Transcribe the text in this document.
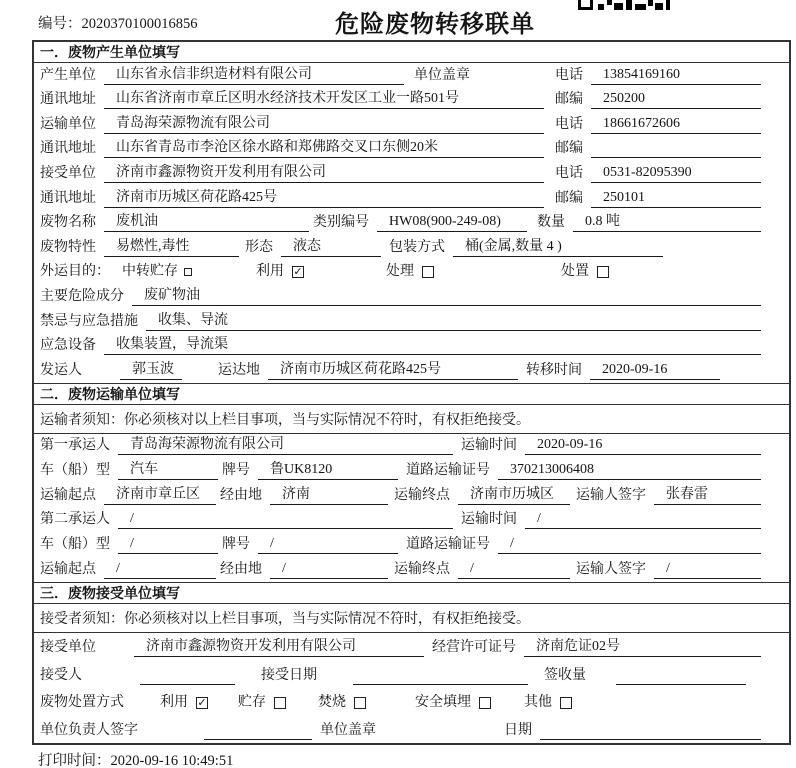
编号：2020370100016856	危险废物转移联单
一．废物产生单位填写
产生单位	山东省永信非织造材料有限公司	单位盖章	电话	13854169160
通讯地址	山东省济南市章丘区明水经济技术开发区工业一路501号	邮编	250200
运输单位	青岛海荣源物流有限公司	电话	18661672606
通讯地址	山东省青岛市李沧区徐水路和郑佛路交叉口东侧20米	邮编
接受单位	济南市鑫源物资开发利用有限公司	电话	0531-82095390
通讯地址	济南市历城区荷花路425号	邮编	250101
废物名称	废机油	类别编号	HW08(900-249-08)	数量	0.8 吨
废物特性	易燃性,毒性	形态	液态	包装方式	桶(金属,数量 4 )
外运目的： 中转贮存	利用 ✓	处理	处置
主要危险成分	废矿物油
禁忌与应急措施	收集、导流
应急设备	收集装置，导流渠
发运人	郭玉波	运达地	济南市历城区荷花路425号	转移时间	2020-09-16
二．废物运输单位填写
运输者须知：你必须核对以上栏目事项，当与实际情况不符时，有权拒绝接受。
第一承运人	青岛海荣源物流有限公司	运输时间	2020-09-16
车（船）型	汽车	牌号	鲁UK8120	道路运输证号	370213006408
运输起点	济南市章丘区	经由地	济南	运输终点	济南市历城区	运输人签字	张春雷
第二承运人	/	运输时间	/
车（船）型	/	牌号	/	道路运输证号	/
运输起点	/	经由地	/	运输终点	/	运输人签字	/
三．废物接受单位填写
接受者须知：你必须核对以上栏目事项，当与实际情况不符时，有权拒绝接受。
接受单位	济南市鑫源物资开发利用有限公司	经营许可证号	济南危证02号
接受人	接受日期	签收量
废物处置方式	利用 ✓ 贮存	焚烧	安全填埋	其他
单位负责人签字	单位盖章	日期
打印时间：2020-09-16 10:49:51
